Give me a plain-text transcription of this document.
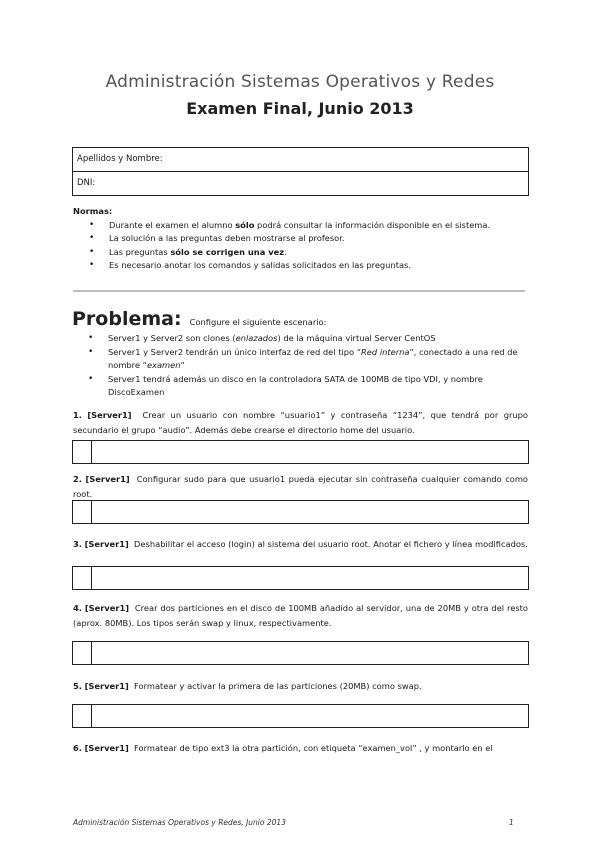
Administración Sistemas Operativos y Redes
Examen Final, Junio 2013
Apellidos y Nombre:
DNI:
Normas:
• Durante el examen el alumno sólo podrá consultar la información disponible en el sistema.
• La solución a las preguntas deben mostrarse al profesor.
• Las preguntas sólo se corrigen una vez.
• Es necesario anotar los comandos y salidas solicitados en las preguntas.
Problema: Configure el siguiente escenario:
• Server1 y Server2 son clones (enlazados) de la máquina virtual Server CentOS
• Server1 y Server2 tendrán un único interfaz de red del tipo “Red interna”, conectado a una red de nombre “examen”
• Server1 tendrá además un disco en la controladora SATA de 100MB de tipo VDI, y nombre DiscoExamen
1. [Server1] Crear un usuario con nombre “usuario1” y contraseña “1234”, que tendrá por grupo secundario el grupo “audio”. Además debe crearse el directorio home del usuario.
2. [Server1] Configurar sudo para que usuario1 pueda ejecutar sin contraseña cualquier comando como root.
3. [Server1] Deshabilitar el acceso (login) al sistema del usuario root. Anotar el fichero y línea modificados.
4. [Server1] Crear dos particiones en el disco de 100MB añadido al servidor, una de 20MB y otra del resto (aprox. 80MB). Los tipos serán swap y linux, respectivamente.
5. [Server1] Formatear y activar la primera de las particiones (20MB) como swap.
6. [Server1] Formatear de tipo ext3 la otra partición, con etiqueta “examen_vol” , y montarlo en el
Administración Sistemas Operativos y Redes, Junio 2013	1
